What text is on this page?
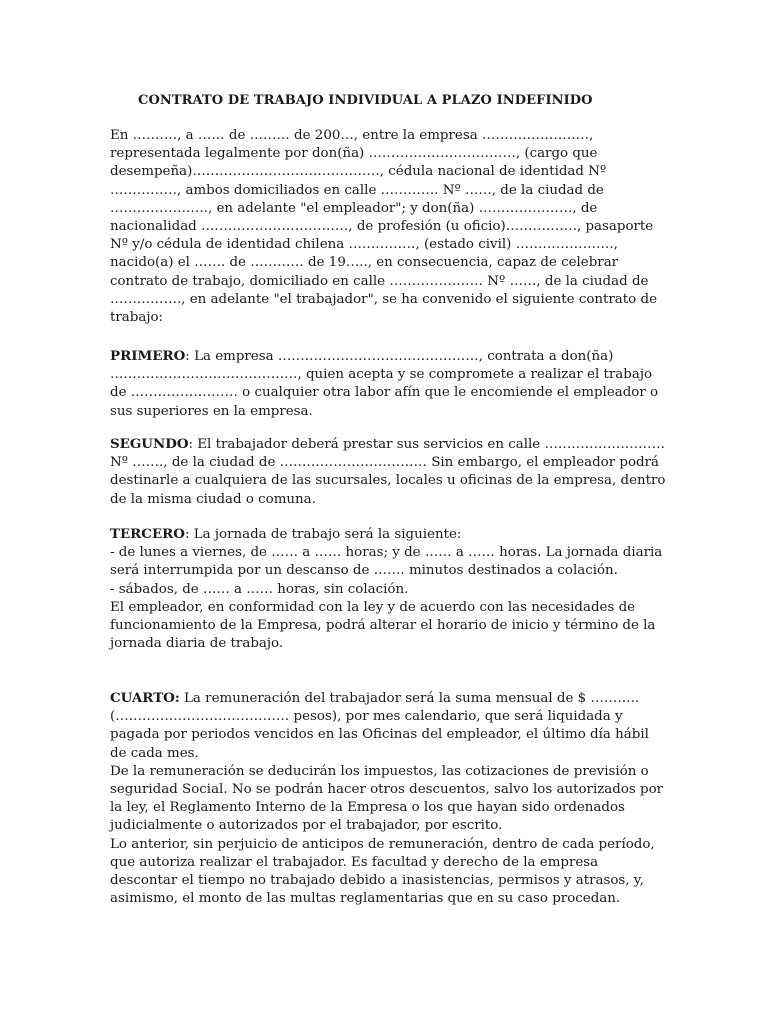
CONTRATO DE TRABAJO INDIVIDUAL A PLAZO INDEFINIDO

En ………., a …… de ……… de 200…, entre la empresa ……………………, representada legalmente por don(ña) ……………………………, (cargo que desempeña)……………………………………, cédula nacional de identidad Nº ……………, ambos domiciliados en calle …………. Nº ……, de la ciudad de …………………., en adelante "el empleador"; y don(ña) …………………, de nacionalidad ……………………………, de profesión (u oficio)……………., pasaporte Nº y/o cédula de identidad chilena ……………, (estado civil) …………………., nacido(a) el ……. de ………… de 19….., en consecuencia, capaz de celebrar contrato de trabajo, domiciliado en calle ………………… Nº ……, de la ciudad de ……………., en adelante "el trabajador", se ha convenido el siguiente contrato de trabajo:

PRIMERO: La empresa ………………………………………, contrata a don(ña) ……………………………………, quien acepta y se compromete a realizar el trabajo de …………………… o cualquier otra labor afín que le encomiende el empleador o sus superiores en la empresa.

SEGUNDO: El trabajador deberá prestar sus servicios en calle ……………………… Nº ……., de la ciudad de …………………………… Sin embargo, el empleador podrá destinarle a cualquiera de las sucursales, locales u oficinas de la empresa, dentro de la misma ciudad o comuna.

TERCERO: La jornada de trabajo será la siguiente:
- de lunes a viernes, de …… a …… horas; y de …… a …… horas. La jornada diaria será interrumpida por un descanso de ……. minutos destinados a colación.
- sábados, de …… a …… horas, sin colación.
El empleador, en conformidad con la ley y de acuerdo con las necesidades de funcionamiento de la Empresa, podrá alterar el horario de inicio y término de la jornada diaria de trabajo.

CUARTO: La remuneración del trabajador será la suma mensual de $ ……….. (………………………………… pesos), por mes calendario, que será liquidada y pagada por periodos vencidos en las Oficinas del empleador, el último día hábil de cada mes.
De la remuneración se deducirán los impuestos, las cotizaciones de previsión o seguridad Social. No se podrán hacer otros descuentos, salvo los autorizados por la ley, el Reglamento Interno de la Empresa o los que hayan sido ordenados judicialmente o autorizados por el trabajador, por escrito.
Lo anterior, sin perjuicio de anticipos de remuneración, dentro de cada período, que autoriza realizar el trabajador. Es facultad y derecho de la empresa descontar el tiempo no trabajado debido a inasistencias, permisos y atrasos, y, asimismo, el monto de las multas reglamentarias que en su caso procedan.
